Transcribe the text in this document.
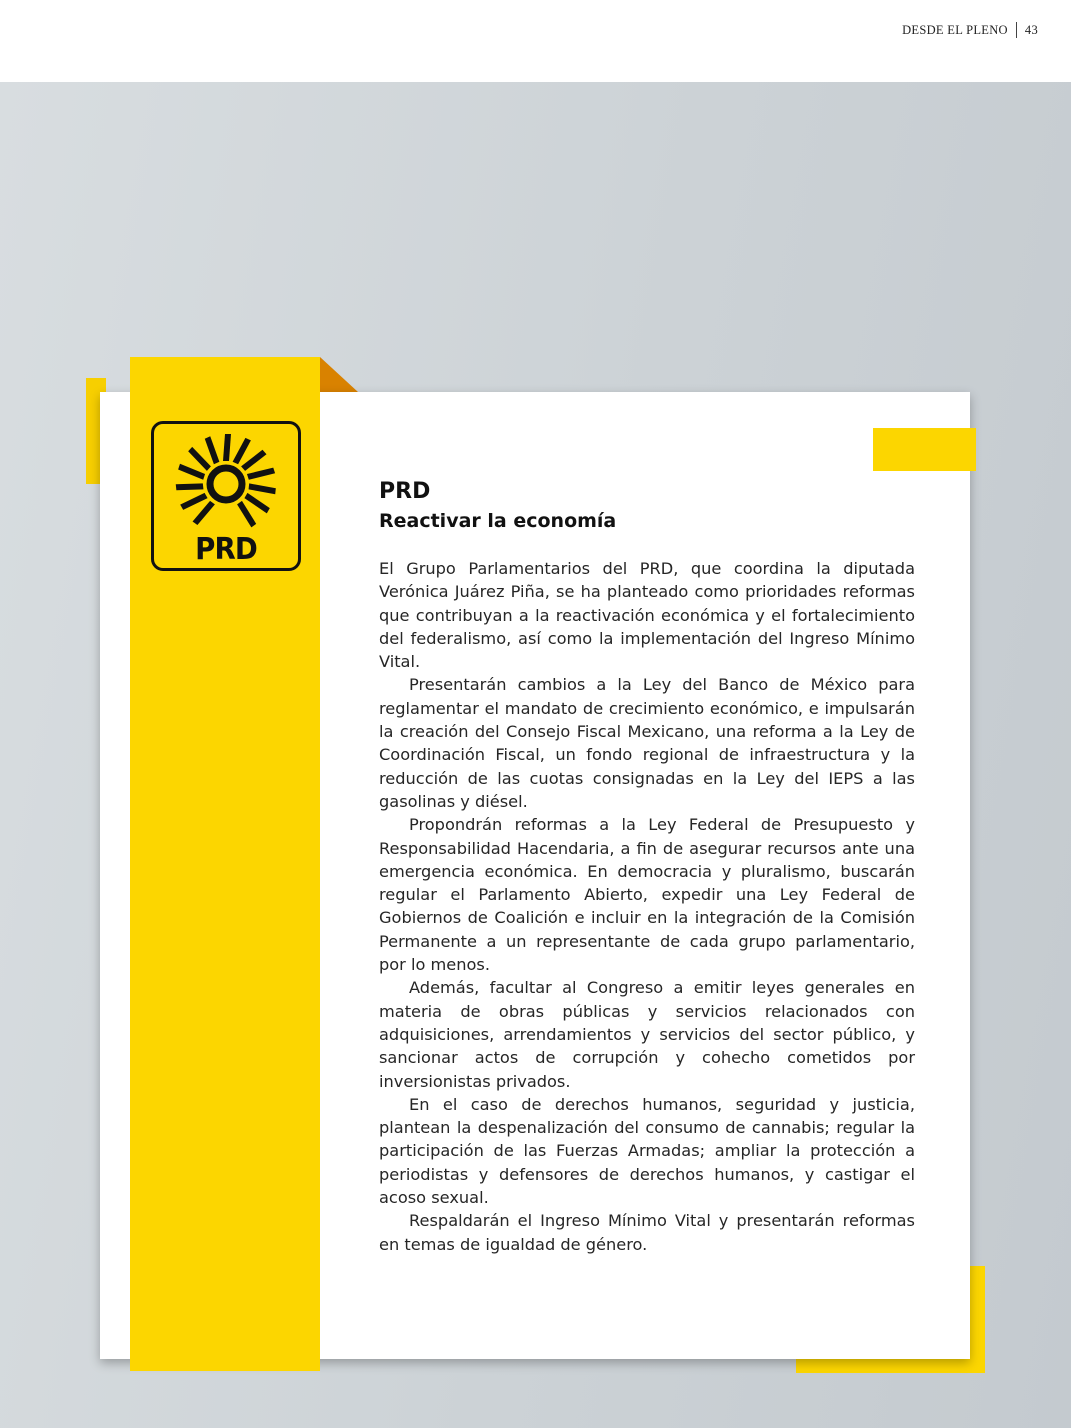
DESDE EL PLENO 43
PRD
PRD
Reactivar la economía

El Grupo Parlamentarios del PRD, que coordina la diputada Verónica Juárez Piña, se ha planteado como prioridades reformas que contribuyan a la reactivación económica y el fortalecimiento del federalismo, así como la implementación del Ingreso Mínimo Vital.

Presentarán cambios a la Ley del Banco de México para reglamentar el mandato de crecimiento económico, e impulsarán la creación del Consejo Fiscal Mexicano, una reforma a la Ley de Coordinación Fiscal, un fondo regional de infraestructura y la reducción de las cuotas consignadas en la Ley del IEPS a las gasolinas y diésel.

Propondrán reformas a la Ley Federal de Presupuesto y Responsabilidad Hacendaria, a fin de asegurar recursos ante una emergencia económica. En democracia y pluralismo, buscarán regular el Parlamento Abierto, expedir una Ley Federal de Gobiernos de Coalición e incluir en la integración de la Comisión Permanente a un representante de cada grupo parlamentario, por lo menos.

Además, facultar al Congreso a emitir leyes generales en materia de obras públicas y servicios relacionados con adquisiciones, arrendamientos y servicios del sector público, y sancionar actos de corrupción y cohecho cometidos por inversionistas privados.

En el caso de derechos humanos, seguridad y justicia, plantean la despenalización del consumo de cannabis; regular la participación de las Fuerzas Armadas; ampliar la protección a periodistas y defensores de derechos humanos, y castigar el acoso sexual.

Respaldarán el Ingreso Mínimo Vital y presentarán reformas en temas de igualdad de género.
